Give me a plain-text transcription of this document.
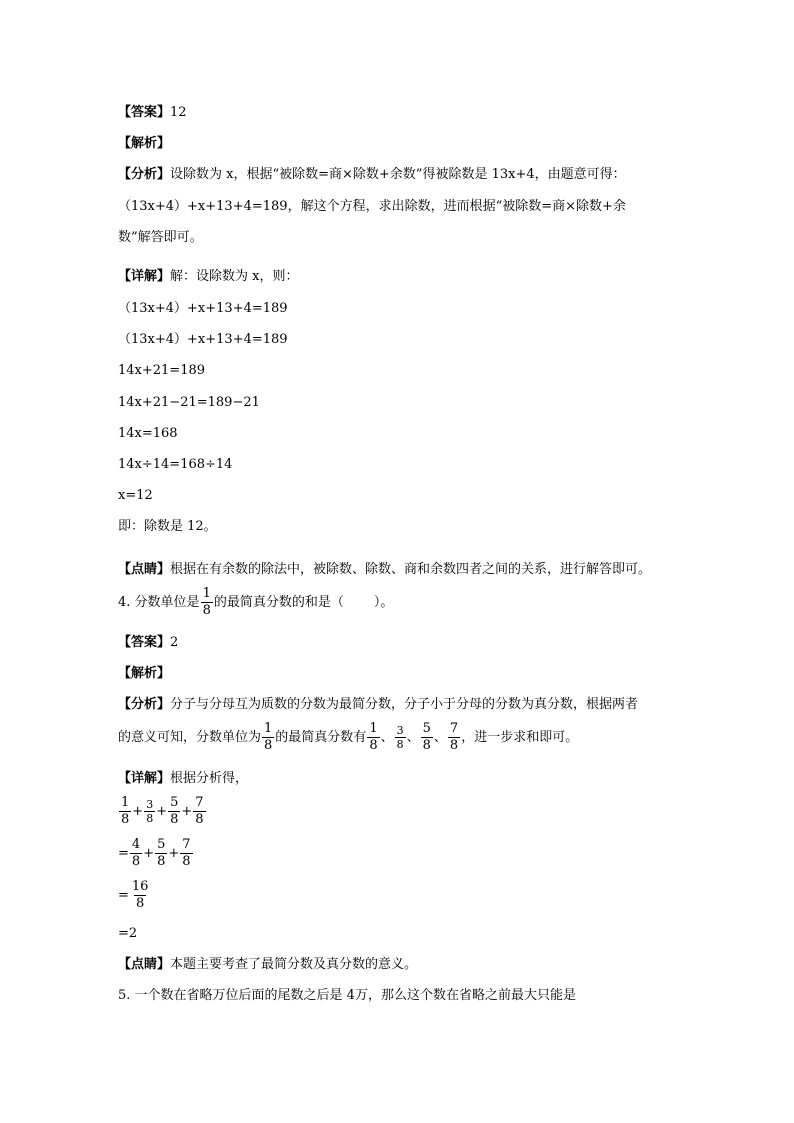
【答案】12
【解析】
【分析】设除数为 x，根据“被除数=商×除数+余数”得被除数是 13x+4，由题意可得：
（13x+4）+x+13+4=189，解这个方程，求出除数，进而根据“被除数=商×除数+余
数”解答即可。
【详解】解：设除数为 x，则：
（13x+4）+x+13+4=189
（13x+4）+x+13+4=189
14x+21=189
14x+21−21=189−21
14x=168
14x÷14=168÷14
x=12
即：除数是 12。
【点睛】根据在有余数的除法中，被除数、除数、商和余数四者之间的关系，进行解答即可。
4. 分数单位是 $\frac{1}{8}$ 的最简真分数的和是（ ）。
【答案】2
【解析】
【分析】分子与分母互为质数的分数为最简分数，分子小于分母的分数为真分数，根据两者
的意义可知，分数单位为 $\frac{1}{8}$ 的最简真分数有 $\frac{1}{8}$ 、 $\frac{3}{8}$ 、 $\frac{5}{8}$ 、 $\frac{7}{8}$ ，进一步求和即可。
【详解】根据分析得，
$\frac{1}{8} + \frac{3}{8} + \frac{5}{8} + \frac{7}{8}$
= $\frac{4}{8} + \frac{5}{8} + \frac{7}{8}$
= $\frac{16}{8}$
=2
【点睛】本题主要考查了最简分数及真分数的意义。
5. 一个数在省略万位后面的尾数之后是 4万，那么这个数在省略之前最大只能是
